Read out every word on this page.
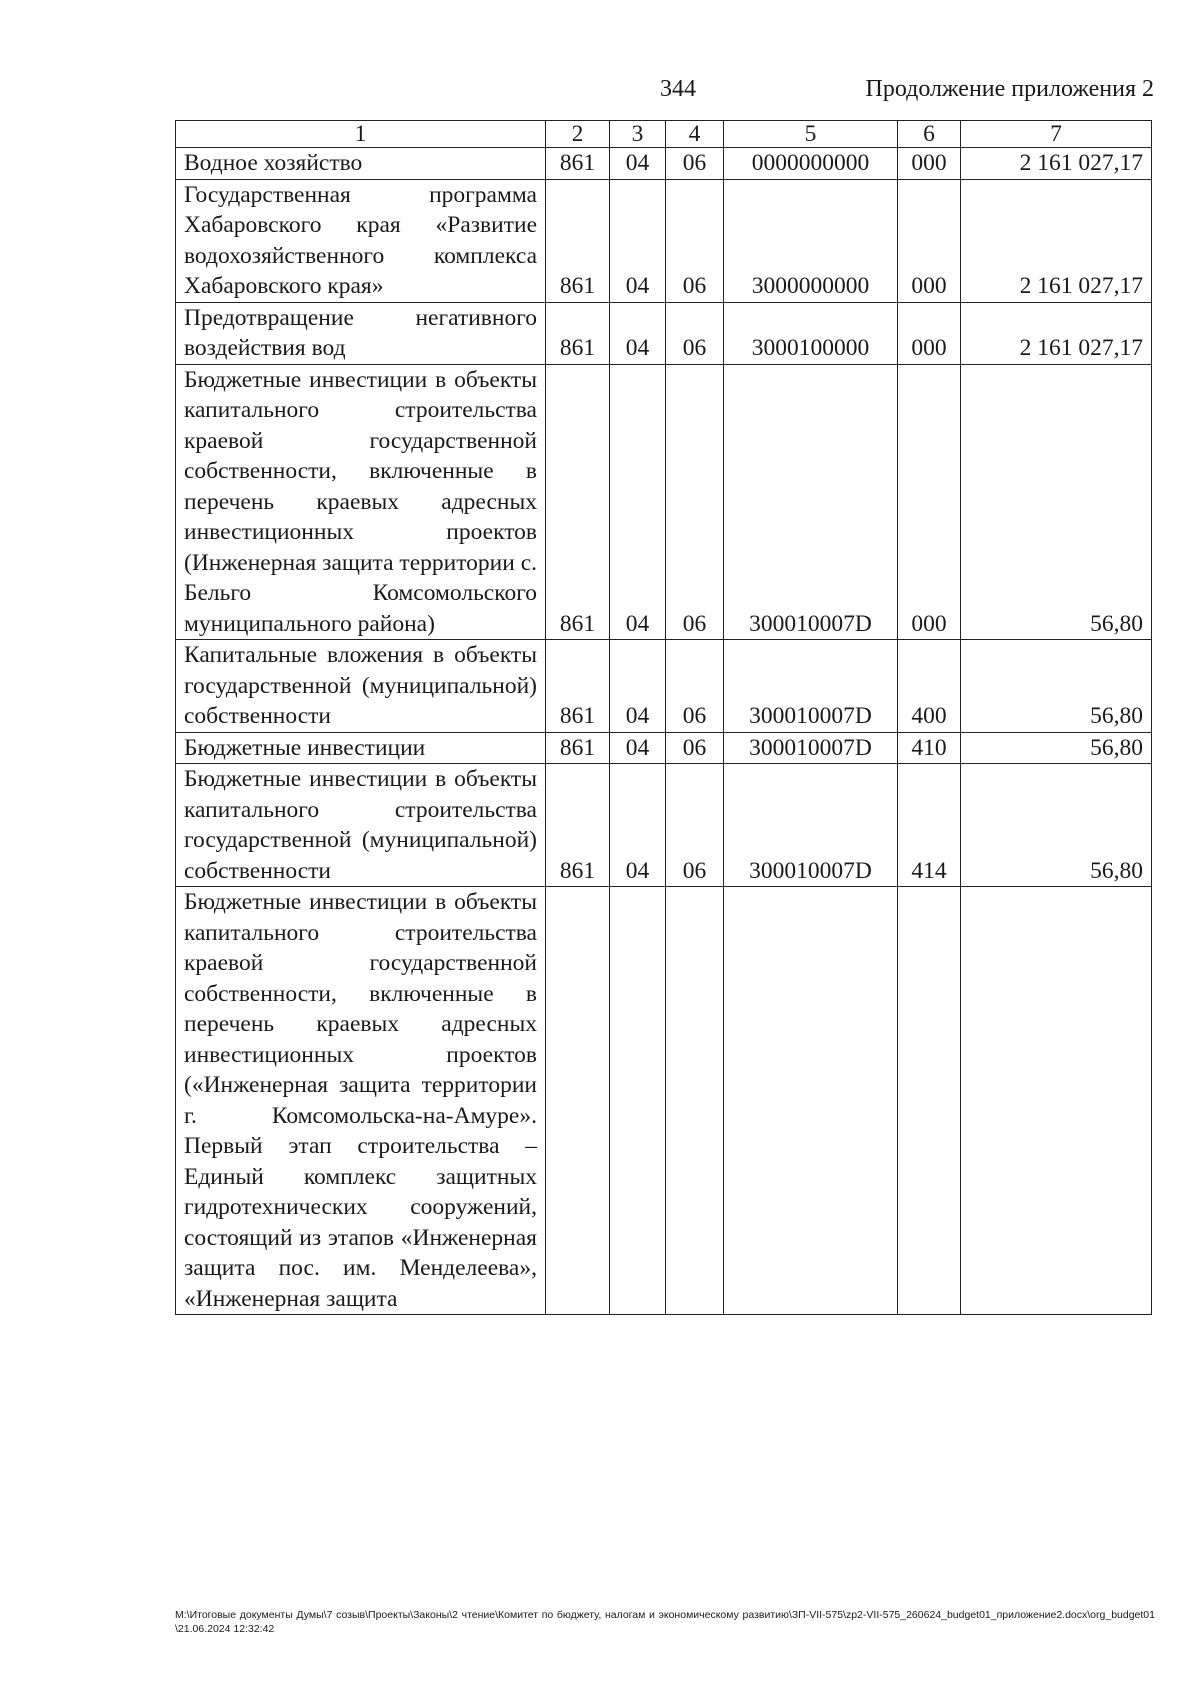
344	Продолжение приложения 2
1	2	3	4	5	6	7
Водное хозяйство	861	04	06	0000000000	000	2 161 027,17
Государственная программа Хабаровского края «Развитие водохозяйственного комплекса Хабаровского края»	861	04	06	3000000000	000	2 161 027,17
Предотвращение негативного воздействия вод	861	04	06	3000100000	000	2 161 027,17
Бюджетные инвестиции в объекты капитального строительства краевой государственной собственности, включенные в перечень краевых адресных инвестиционных проектов (Инженерная защита территории с. Бельго Комсомольского муниципального района)	861	04	06	300010007D	000	56,80
Капитальные вложения в объекты государственной (муниципальной) собственности	861	04	06	300010007D	400	56,80
Бюджетные инвестиции	861	04	06	300010007D	410	56,80
Бюджетные инвестиции в объекты капитального строительства государственной (муниципальной) собственности	861	04	06	300010007D	414	56,80
Бюджетные инвестиции в объекты капитального строительства краевой государственной собственности, включенные в перечень краевых адресных инвестиционных проектов («Инженерная защита территории г. Комсомольска-на-Амуре». Первый этап строительства – Единый комплекс защитных гидротехнических сооружений, состоящий из этапов «Инженерная защита пос. им. Менделеева», «Инженерная защита						
M:\Итоговые документы Думы\7 созыв\Проекты\Законы\2 чтение\Комитет по бюджету, налогам и экономическому развитию\ЗП-VII-575\zp2-VII-575_260624_budget01_приложение2.docx\org_budget01\21.06.2024 12:32:42
